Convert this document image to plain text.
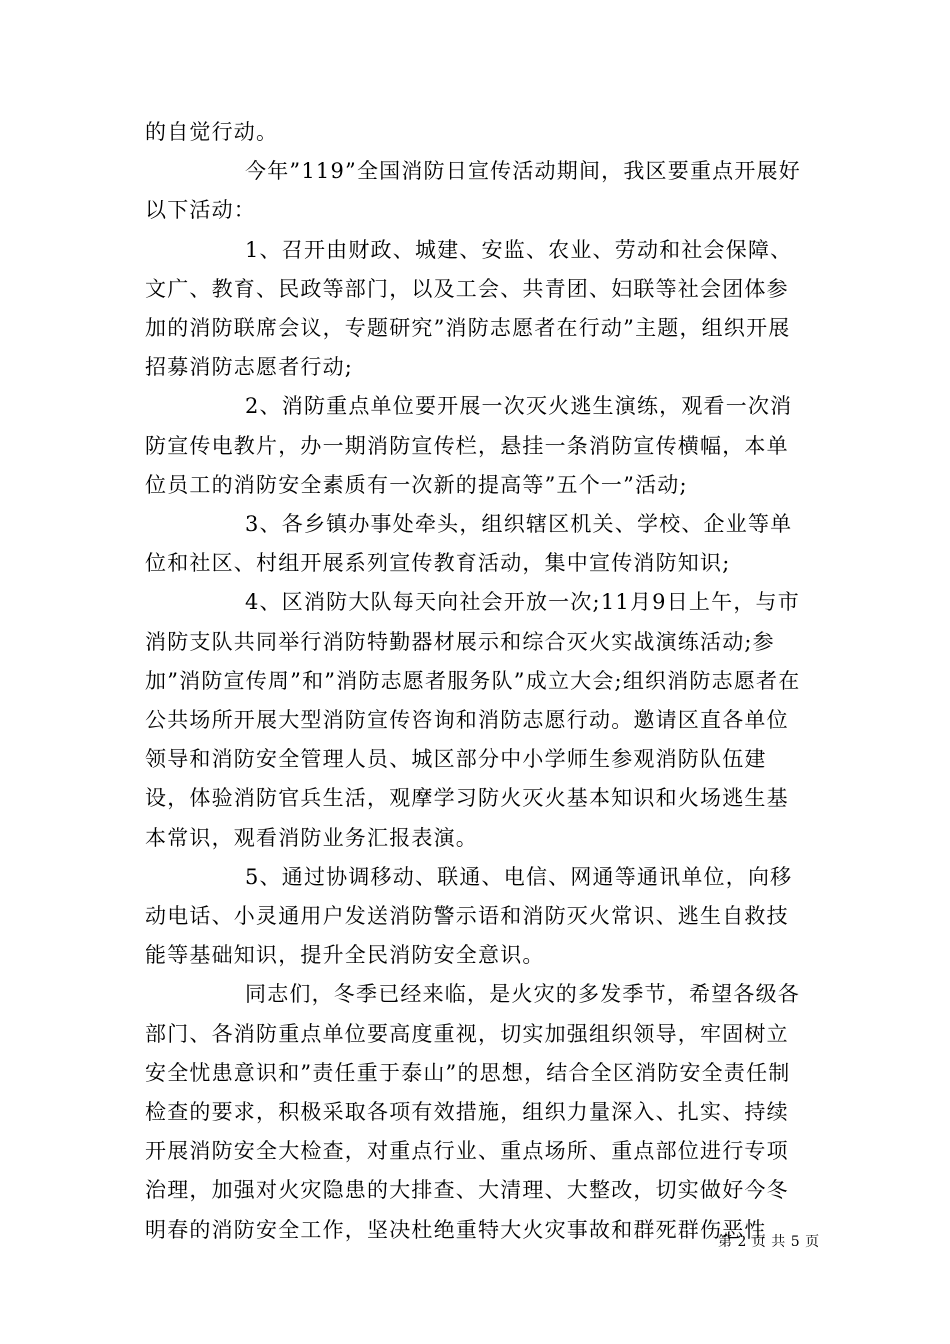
的自觉行动。

今年”119”全国消防日宣传活动期间，我区要重点开展好以下活动：

1、召开由财政、城建、安监、农业、劳动和社会保障、文广、教育、民政等部门，以及工会、共青团、妇联等社会团体参加的消防联席会议，专题研究”消防志愿者在行动”主题，组织开展招募消防志愿者行动;

2、消防重点单位要开展一次灭火逃生演练，观看一次消防宣传电教片，办一期消防宣传栏，悬挂一条消防宣传横幅，本单位员工的消防安全素质有一次新的提高等”五个一”活动;

3、各乡镇办事处牵头，组织辖区机关、学校、企业等单位和社区、村组开展系列宣传教育活动，集中宣传消防知识;

4、区消防大队每天向社会开放一次;11月9日上午，与市消防支队共同举行消防特勤器材展示和综合灭火实战演练活动;参加”消防宣传周”和”消防志愿者服务队”成立大会;组织消防志愿者在公共场所开展大型消防宣传咨询和消防志愿行动。邀请区直各单位领导和消防安全管理人员、城区部分中小学师生参观消防队伍建设，体验消防官兵生活，观摩学习防火灭火基本知识和火场逃生基本常识，观看消防业务汇报表演。

5、通过协调移动、联通、电信、网通等通讯单位，向移动电话、小灵通用户发送消防警示语和消防灭火常识、逃生自救技能等基础知识，提升全民消防安全意识。

同志们，冬季已经来临，是火灾的多发季节，希望各级各部门、各消防重点单位要高度重视，切实加强组织领导，牢固树立安全忧患意识和”责任重于泰山”的思想，结合全区消防安全责任制检查的要求，积极采取各项有效措施，组织力量深入、扎实、持续开展消防安全大检查，对重点行业、重点场所、重点部位进行专项治理，加强对火灾隐患的大排查、大清理、大整改，切实做好今冬明春的消防安全工作，坚决杜绝重特大火灾事故和群死群伤恶性

第 2 页 共 5 页
